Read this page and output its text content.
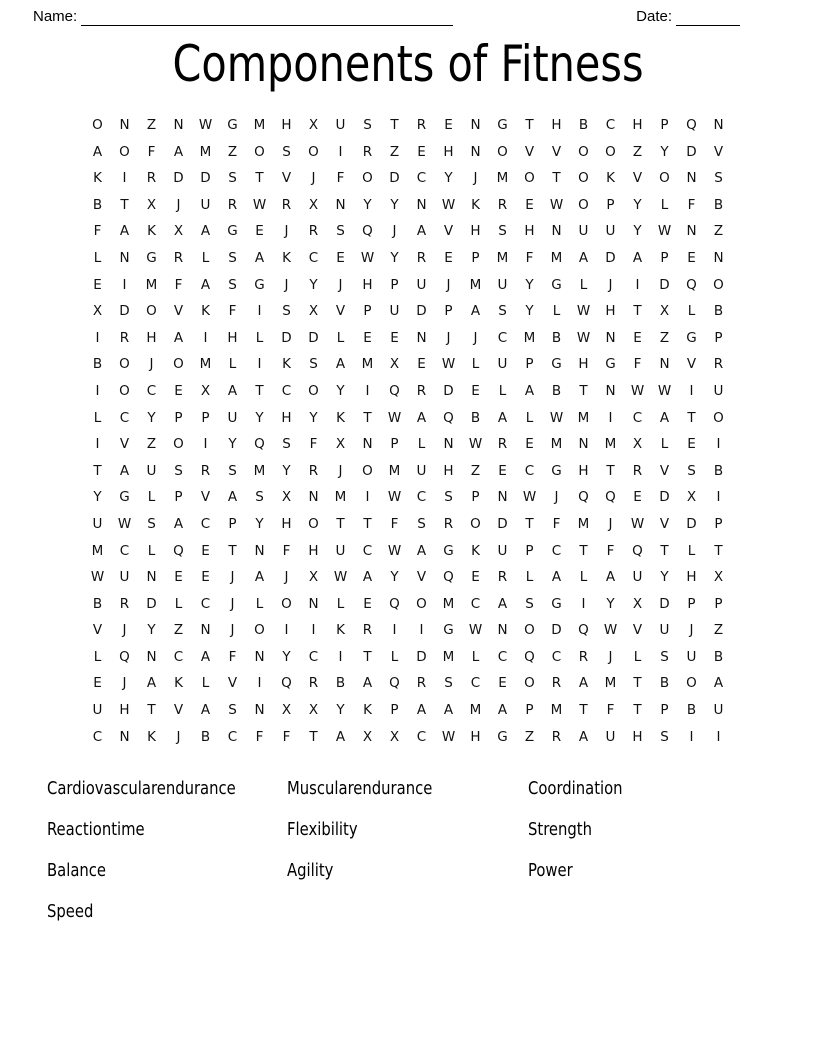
Name:	Date:
Components of Fitness
O	N	Z	N	W	G	M	H	X	U	S	T	R	E	N	G	T	H	B	C	H	P	Q	N
A	O	F	A	M	Z	O	S	O	I	R	Z	E	H	N	O	V	V	O	O	Z	Y	D	V
K	I	R	D	D	S	T	V	J	F	O	D	C	Y	J	M	O	T	O	K	V	O	N	S
B	T	X	J	U	R	W	R	X	N	Y	Y	N	W	K	R	E	W	O	P	Y	L	F	B
F	A	K	X	A	G	E	J	R	S	Q	J	A	V	H	S	H	N	U	U	Y	W	N	Z
L	N	G	R	L	S	A	K	C	E	W	Y	R	E	P	M	F	M	A	D	A	P	E	N
E	I	M	F	A	S	G	J	Y	J	H	P	U	J	M	U	Y	G	L	J	I	D	Q	O
X	D	O	V	K	F	I	S	X	V	P	U	D	P	A	S	Y	L	W	H	T	X	L	B
I	R	H	A	I	H	L	D	D	L	E	E	N	J	J	C	M	B	W	N	E	Z	G	P
B	O	J	O	M	L	I	K	S	A	M	X	E	W	L	U	P	G	H	G	F	N	V	R
I	O	C	E	X	A	T	C	O	Y	I	Q	R	D	E	L	A	B	T	N	W	W	I	U
L	C	Y	P	P	U	Y	H	Y	K	T	W	A	Q	B	A	L	W	M	I	C	A	T	O
I	V	Z	O	I	Y	Q	S	F	X	N	P	L	N	W	R	E	M	N	M	X	L	E	I
T	A	U	S	R	S	M	Y	R	J	O	M	U	H	Z	E	C	G	H	T	R	V	S	B
Y	G	L	P	V	A	S	X	N	M	I	W	C	S	P	N	W	J	Q	Q	E	D	X	I
U	W	S	A	C	P	Y	H	O	T	T	F	S	R	O	D	T	F	M	J	W	V	D	P
M	C	L	Q	E	T	N	F	H	U	C	W	A	G	K	U	P	C	T	F	Q	T	L	T
W	U	N	E	E	J	A	J	X	W	A	Y	V	Q	E	R	L	A	L	A	U	Y	H	X
B	R	D	L	C	J	L	O	N	L	E	Q	O	M	C	A	S	G	I	Y	X	D	P	P
V	J	Y	Z	N	J	O	I	I	K	R	I	I	G	W	N	O	D	Q	W	V	U	J	Z
L	Q	N	C	A	F	N	Y	C	I	T	L	D	M	L	C	Q	C	R	J	L	S	U	B
E	J	A	K	L	V	I	Q	R	B	A	Q	R	S	C	E	O	R	A	M	T	B	O	A
U	H	T	V	A	S	N	X	X	Y	K	P	A	A	M	A	P	M	T	F	T	P	B	U
C	N	K	J	B	C	F	F	T	A	X	X	C	W	H	G	Z	R	A	U	H	S	I	I
Cardiovascularendurance	Muscularendurance	Coordination
Reactiontime	Flexibility	Strength
Balance	Agility	Power
Speed
